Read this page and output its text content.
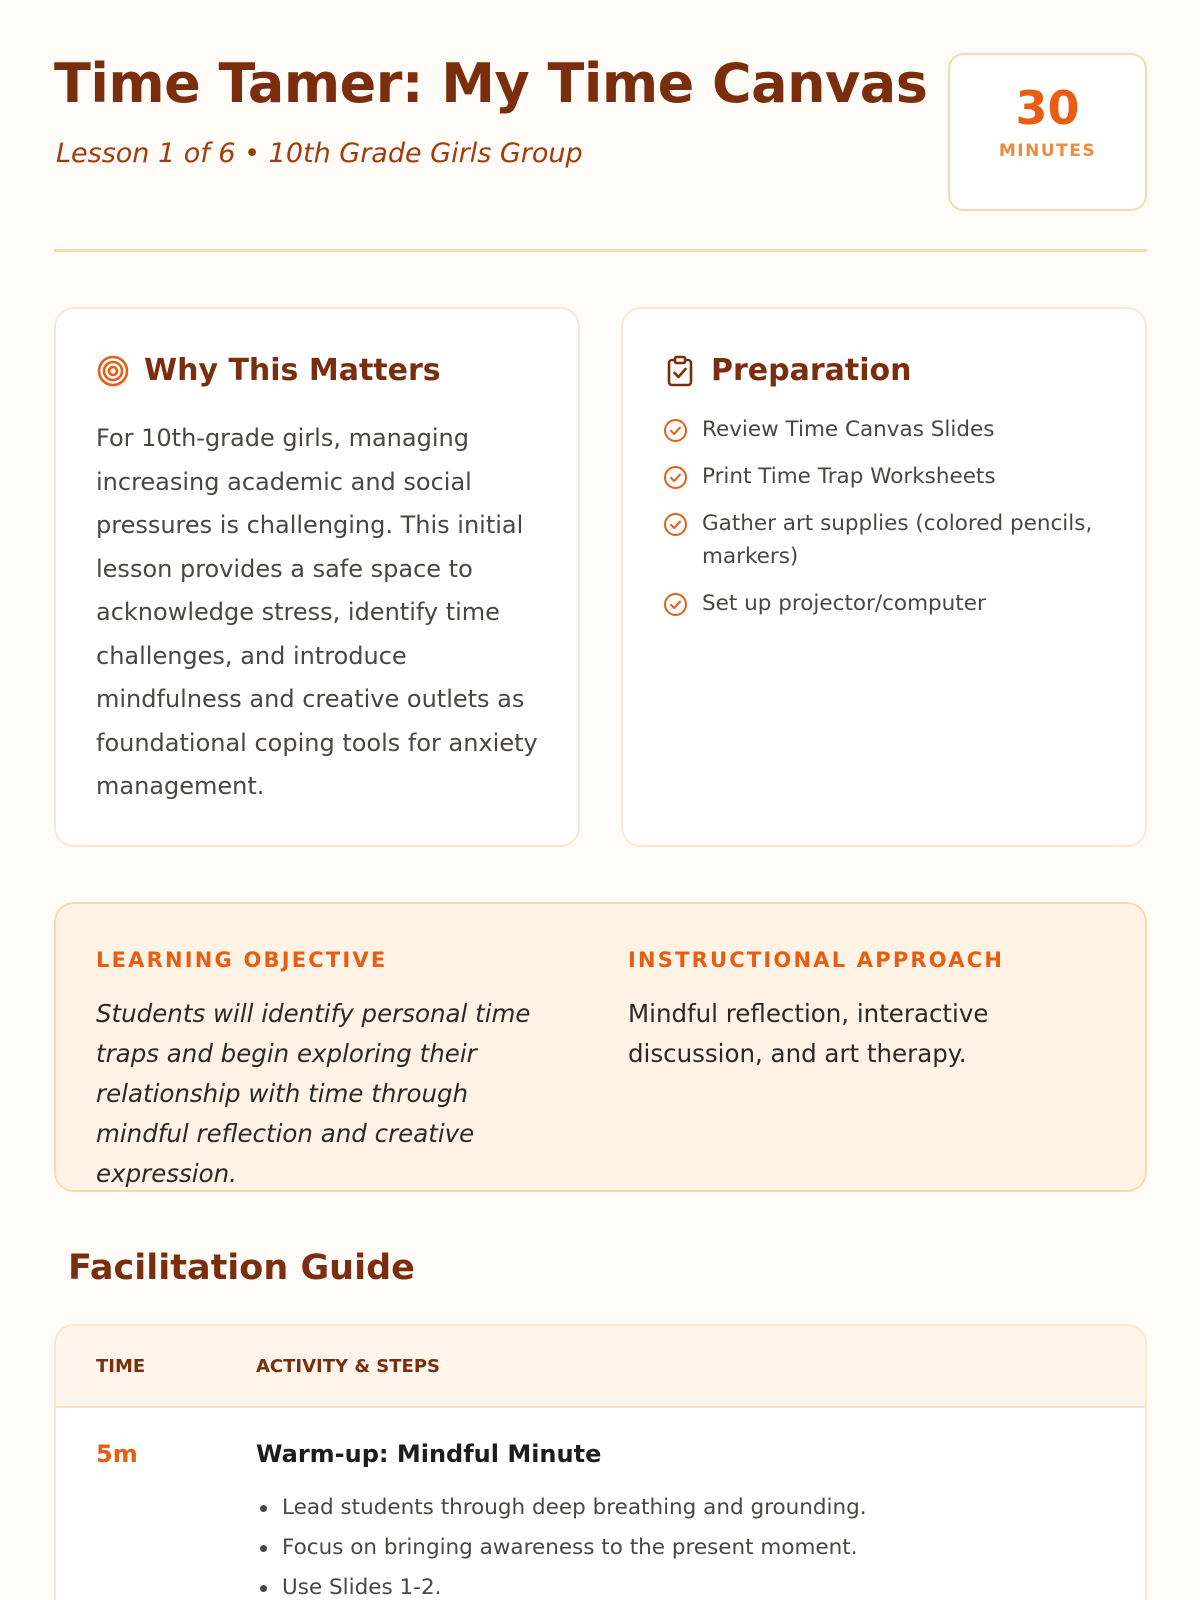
Time Tamer: My Time Canvas
Lesson 1 of 6 • 10th Grade Girls Group
30
MINUTES
Why This Matters

For 10th-grade girls, managing increasing academic and social pressures is challenging. This initial lesson provides a safe space to acknowledge stress, identify time challenges, and introduce mindfulness and creative outlets as foundational coping tools for anxiety management.

Preparation
Review Time Canvas Slides
Print Time Trap Worksheets
Gather art supplies (colored pencils, markers)
Set up projector/computer
LEARNING OBJECTIVE

Students will identify personal time traps and begin exploring their relationship with time through mindful reflection and creative expression.

INSTRUCTIONAL APPROACH

Mindful reflection, interactive discussion, and art therapy.

Facilitation Guide
TIME	ACTIVITY & STEPS
5m	Warm-up: Mindful Minute
Lead students through deep breathing and grounding.
Focus on bringing awareness to the present moment.
Use Slides 1-2.
